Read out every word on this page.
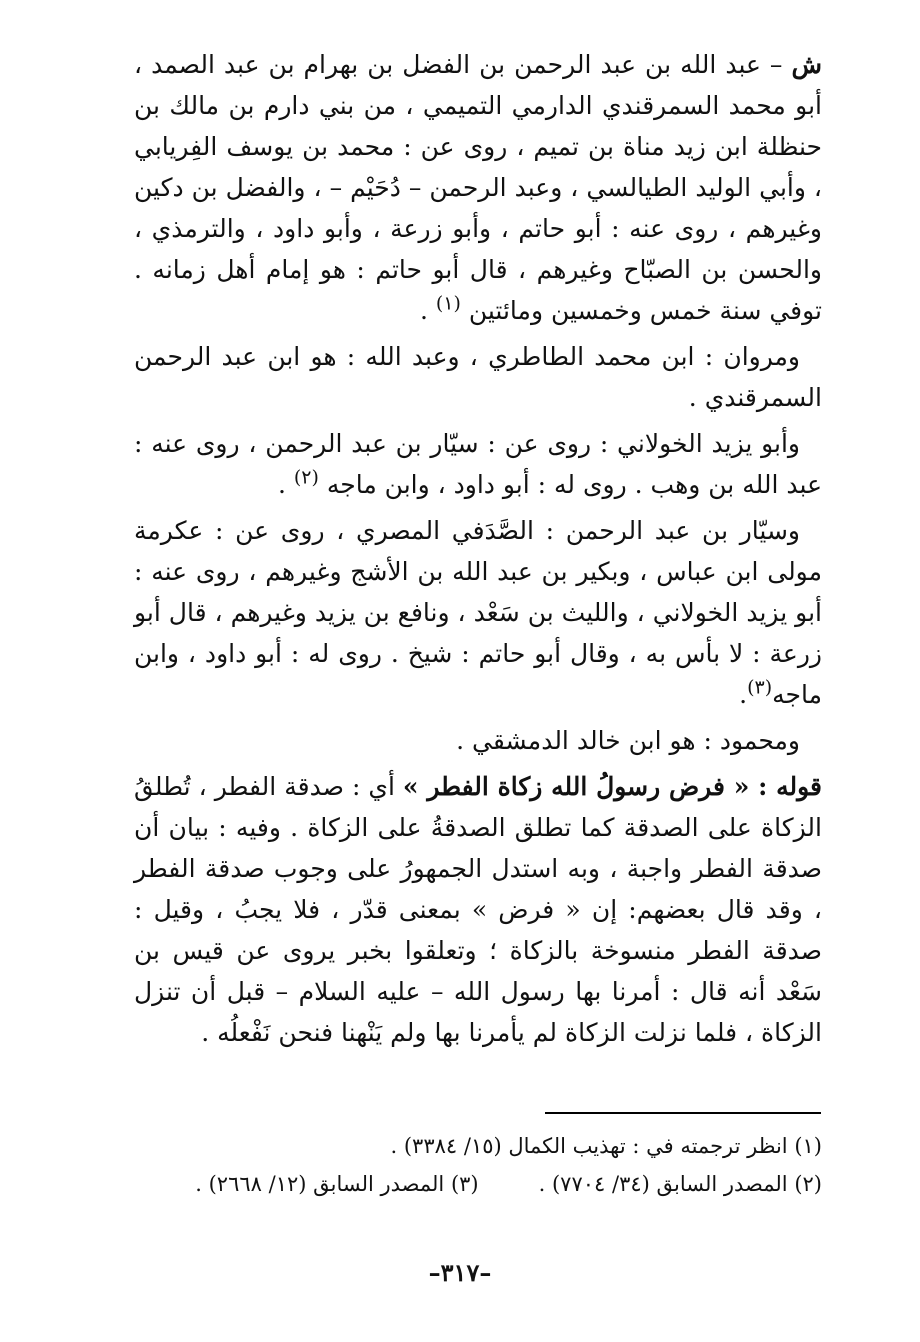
ش – عبد الله بن عبد الرحمن بن الفضل بن بهرام بن عبد الصمد ، أبو محمد السمرقندي الدارمي التميمي ، من بني دارم بن مالك بن حنظلة ابن زيد مناة بن تميم ، روى عن : محمد بن يوسف الفِريابي ، وأبي الوليد الطيالسي ، وعبد الرحمن – دُحَيْم – ، والفضل بن دكين وغيرهم ، روى عنه : أبو حاتم ، وأبو زرعة ، وأبو داود ، والترمذي ، والحسن بن الصبّاح وغيرهم ، قال أبو حاتم : هو إمام أهل زمانه . توفي سنة خمس وخمسين ومائتين $^{(١)}$ .

ومروان : ابن محمد الطاطري ، وعبد الله : هو ابن عبد الرحمن السمرقندي .

وأبو يزيد الخولاني : روى عن : سيّار بن عبد الرحمن ، روى عنه : عبد الله بن وهب . روى له : أبو داود ، وابن ماجه $^{(٢)}$ .

وسيّار بن عبد الرحمن : الصَّدَفي المصري ، روى عن : عكرمة مولى ابن عباس ، وبكير بن عبد الله بن الأشج وغيرهم ، روى عنه : أبو يزيد الخولاني ، والليث بن سَعْد ، ونافع بن يزيد وغيرهم ، قال أبو زرعة : لا بأس به ، وقال أبو حاتم : شيخ . روى له : أبو داود ، وابن ماجه$^{(٣)}$.

ومحمود : هو ابن خالد الدمشقي .

قوله : « فرض رسولُ الله زكاة الفطر » أي : صدقة الفطر ، تُطلقُ الزكاة على الصدقة كما تطلق الصدقةُ على الزكاة . وفيه : بيان أن صدقة الفطر واجبة ، وبه استدل الجمهورُ على وجوب صدقة الفطر ، وقد قال بعضهم: إن « فرض » بمعنى قدّر ، فلا يجبُ ، وقيل : صدقة الفطر منسوخة بالزكاة ؛ وتعلقوا بخبر يروى عن قيس بن سَعْد أنه قال : أمرنا بها رسول الله – عليه السلام – قبل أن تنزل الزكاة ، فلما نزلت الزكاة لم يأمرنا بها ولم يَنْهنا فنحن نَفْعلُه .

(١) انظر ترجمته في : تهذيب الكمال (١٥/ ٣٣٨٤) .
(٢) المصدر السابق (٣٤/ ٧٧٠٤) .
(٣) المصدر السابق (١٢/ ٢٦٦٨) .
–٣١٧–
